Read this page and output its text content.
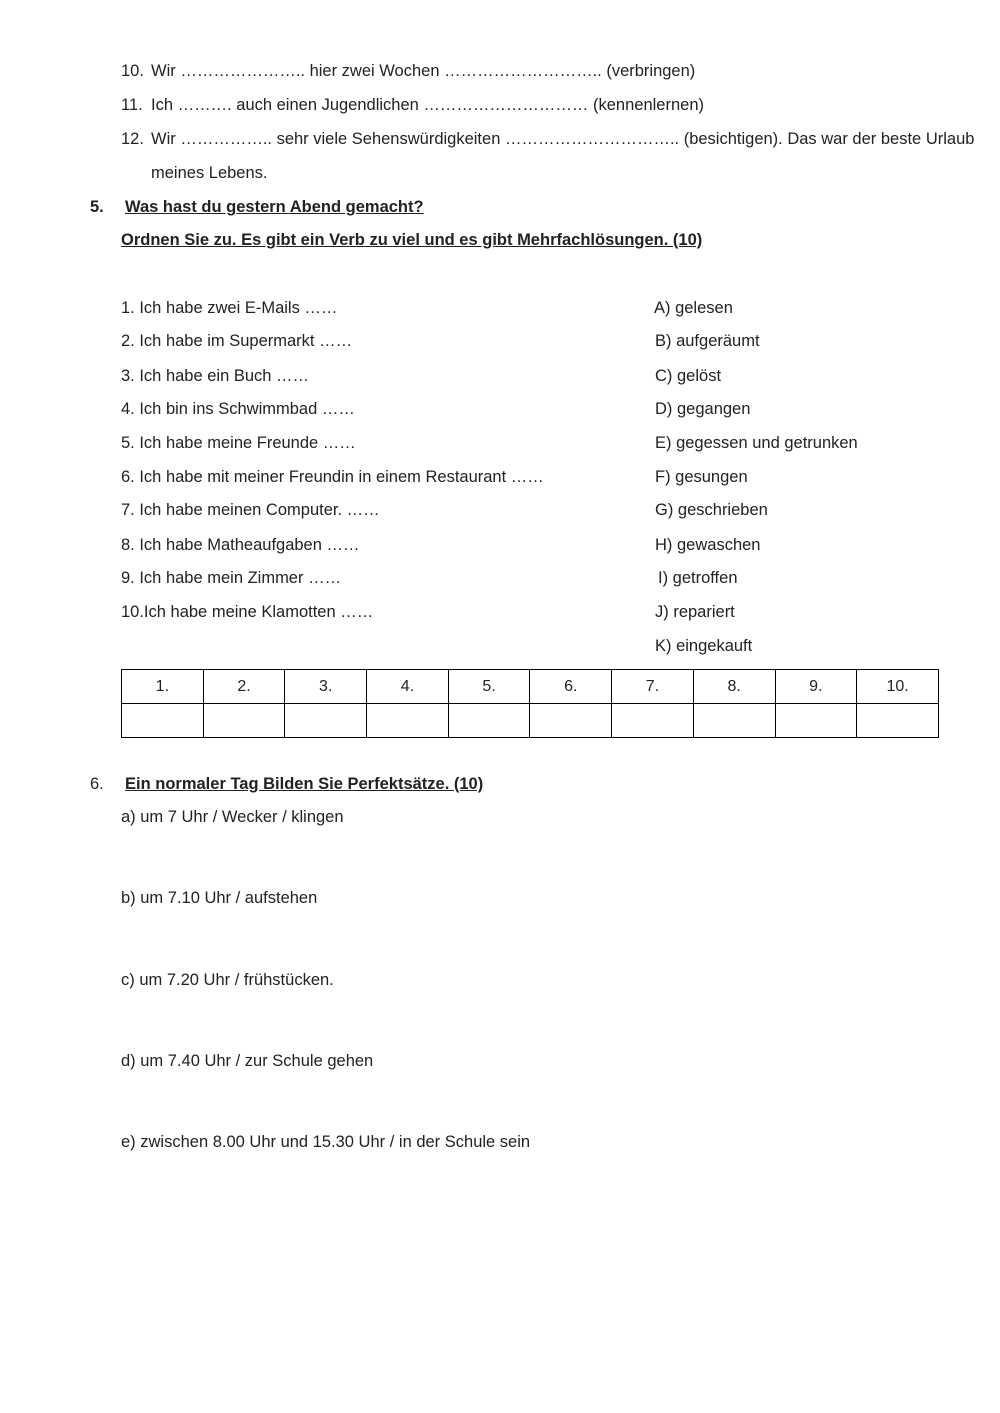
10. Wir ………………….. hier zwei Wochen ……………………….. (verbringen)
11. Ich ………. auch einen Jugendlichen ………………………… (kennenlernen)
12. Wir …………….. sehr viele Sehenswürdigkeiten ………………………….. (besichtigen). Das war der beste Urlaub
meines Lebens.
5. Was hast du gestern Abend gemacht?
Ordnen Sie zu. Es gibt ein Verb zu viel und es gibt Mehrfachlösungen. (10)
1. Ich habe zwei E-Mails ……
2. Ich habe im Supermarkt ……
3. Ich habe ein Buch ……
4. Ich bin ins Schwimmbad ……
5. Ich habe meine Freunde ……
6. Ich habe mit meiner Freundin in einem Restaurant ……
7. Ich habe meinen Computer. ……
8. Ich habe Matheaufgaben ……
9. Ich habe mein Zimmer ……
10.Ich habe meine Klamotten ……
A) gelesen
B) aufgeräumt
C) gelöst
D) gegangen
E) gegessen und getrunken
F) gesungen
G) geschrieben
H) gewaschen
I) getroffen
J) repariert
K) eingekauft
1.	2.	3.	4.	5.	6.	7.	8.	9.	10.

6. Ein normaler Tag Bilden Sie Perfektsätze. (10)
a) um 7 Uhr / Wecker / klingen
b) um 7.10 Uhr / aufstehen
c) um 7.20 Uhr / frühstücken.
d) um 7.40 Uhr / zur Schule gehen
e) zwischen 8.00 Uhr und 15.30 Uhr / in der Schule sein
